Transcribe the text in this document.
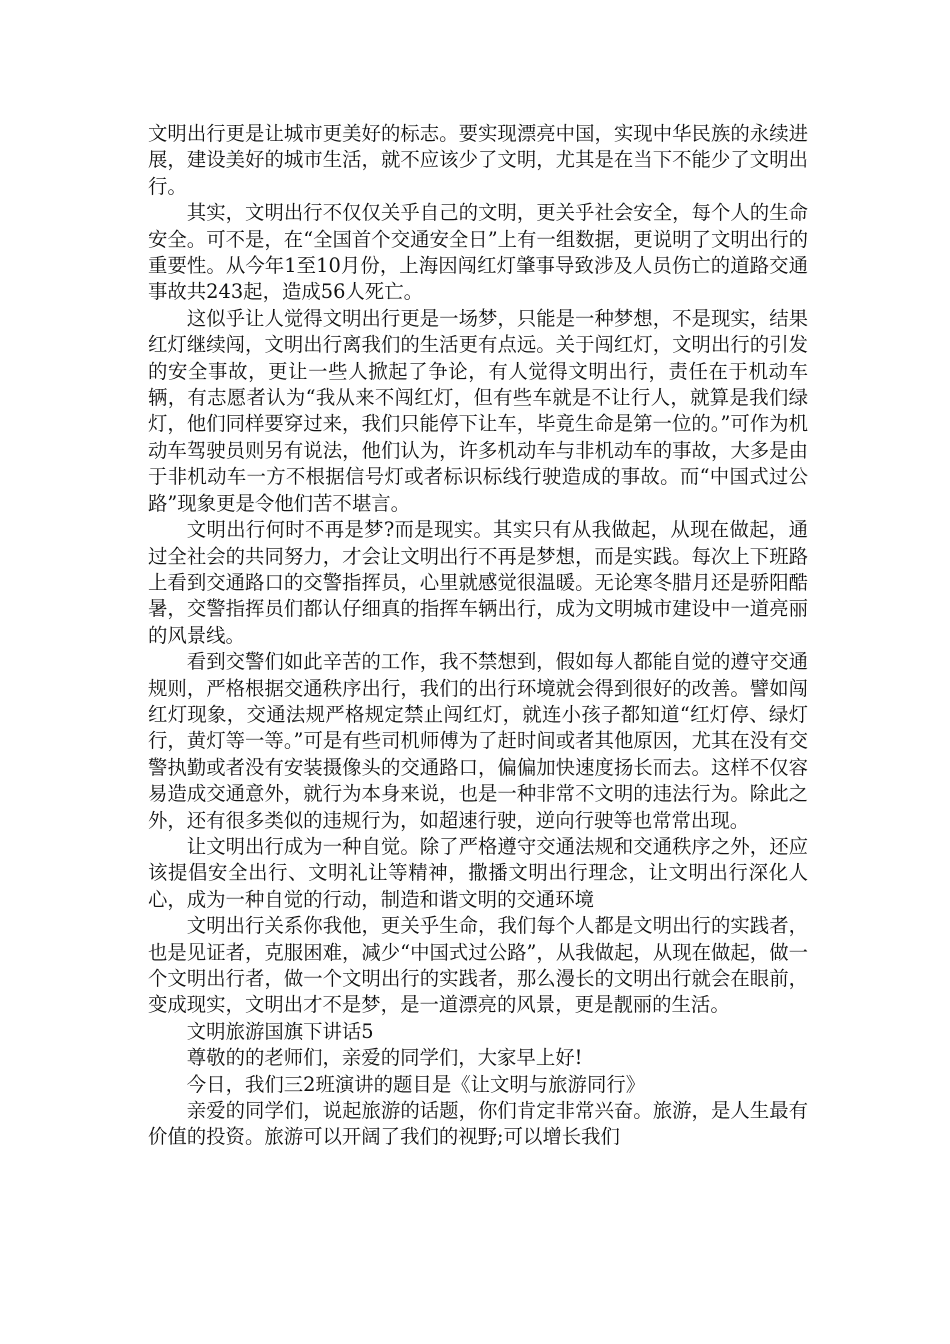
文明出行更是让城市更美好的标志。要实现漂亮中国，实现中华民族的永续进展，建设美好的城市生活，就不应该少了文明，尤其是在当下不能少了文明出行。

其实，文明出行不仅仅关乎自己的文明，更关乎社会安全，每个人的生命安全。可不是，在“全国首个交通安全日”上有一组数据，更说明了文明出行的重要性。从今年1至10月份，上海因闯红灯肇事导致涉及人员伤亡的道路交通事故共243起，造成56人死亡。

这似乎让人觉得文明出行更是一场梦，只能是一种梦想，不是现实，结果红灯继续闯，文明出行离我们的生活更有点远。关于闯红灯，文明出行的引发的安全事故，更让一些人掀起了争论，有人觉得文明出行，责任在于机动车辆，有志愿者认为“我从来不闯红灯，但有些车就是不让行人，就算是我们绿灯，他们同样要穿过来，我们只能停下让车，毕竟生命是第一位的。”可作为机动车驾驶员则另有说法，他们认为，许多机动车与非机动车的事故，大多是由于非机动车一方不根据信号灯或者标识标线行驶造成的事故。而“中国式过公路”现象更是令他们苦不堪言。

文明出行何时不再是梦?而是现实。其实只有从我做起，从现在做起，通过全社会的共同努力，才会让文明出行不再是梦想，而是实践。每次上下班路上看到交通路口的交警指挥员，心里就感觉很温暖。无论寒冬腊月还是骄阳酷暑，交警指挥员们都认仔细真的指挥车辆出行，成为文明城市建设中一道亮丽的风景线。

看到交警们如此辛苦的工作，我不禁想到，假如每人都能自觉的遵守交通规则，严格根据交通秩序出行，我们的出行环境就会得到很好的改善。譬如闯红灯现象，交通法规严格规定禁止闯红灯，就连小孩子都知道“红灯停、绿灯行，黄灯等一等。”可是有些司机师傅为了赶时间或者其他原因，尤其在没有交警执勤或者没有安装摄像头的交通路口，偏偏加快速度扬长而去。这样不仅容易造成交通意外，就行为本身来说，也是一种非常不文明的违法行为。除此之外，还有很多类似的违规行为，如超速行驶，逆向行驶等也常常出现。

让文明出行成为一种自觉。除了严格遵守交通法规和交通秩序之外，还应该提倡安全出行、文明礼让等精神，撒播文明出行理念，让文明出行深化人心，成为一种自觉的行动，制造和谐文明的交通环境

文明出行关系你我他，更关乎生命，我们每个人都是文明出行的实践者，也是见证者，克服困难，减少“中国式过公路”，从我做起，从现在做起，做一个文明出行者，做一个文明出行的实践者，那么漫长的文明出行就会在眼前，变成现实，文明出才不是梦，是一道漂亮的风景，更是靓丽的生活。

文明旅游国旗下讲话5

尊敬的的老师们，亲爱的同学们，大家早上好!

今日，我们三2班演讲的题目是《让文明与旅游同行》

亲爱的同学们，说起旅游的话题，你们肯定非常兴奋。旅游，是人生最有价值的投资。旅游可以开阔了我们的视野;可以增长我们
